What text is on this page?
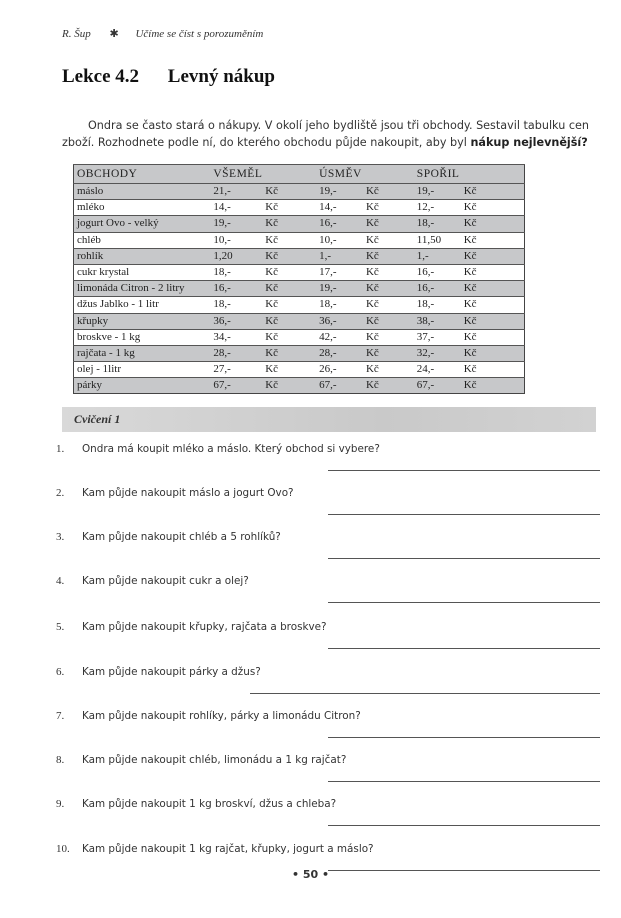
R. Šup ✱ Učíme se číst s porozuměním
Lekce 4.2 Levný nákup
Ondra se často stará o nákupy. V okolí jeho bydliště jsou tři obchody. Sestavil tabulku cen zboží. Rozhodnete podle ní, do kterého obchodu půjde nakoupit, aby byl nákup nejlevnější?
OBCHODY	VŠEMĚL		ÚSMĚV		SPOŘIL	
máslo	21,-	Kč	19,-	Kč	19,-	Kč
mléko	14,-	Kč	14,-	Kč	12,-	Kč
jogurt Ovo - velký	19,-	Kč	16,-	Kč	18,-	Kč
chléb	10,-	Kč	10,-	Kč	11,50	Kč
rohlík	1,20	Kč	1,-	Kč	1,-	Kč
cukr krystal	18,-	Kč	17,-	Kč	16,-	Kč
limonáda Citron - 2 litry	16,-	Kč	19,-	Kč	16,-	Kč
džus Jablko - 1 litr	18,-	Kč	18,-	Kč	18,-	Kč
křupky	36,-	Kč	36,-	Kč	38,-	Kč
broskve - 1 kg	34,-	Kč	42,-	Kč	37,-	Kč
rajčata - 1 kg	28,-	Kč	28,-	Kč	32,-	Kč
olej - 1litr	27,-	Kč	26,-	Kč	24,-	Kč
párky	67,-	Kč	67,-	Kč	67,-	Kč
Cvičení 1
1. Ondra má koupit mléko a máslo. Který obchod si vybere?
2. Kam půjde nakoupit máslo a jogurt Ovo?
3. Kam půjde nakoupit chléb a 5 rohlíků?
4. Kam půjde nakoupit cukr a olej?
5. Kam půjde nakoupit křupky, rajčata a broskve?
6. Kam půjde nakoupit párky a džus?
7. Kam půjde nakoupit rohlíky, párky a limonádu Citron?
8. Kam půjde nakoupit chléb, limonádu a 1 kg rajčat?
9. Kam půjde nakoupit 1 kg broskví, džus a chleba?
10. Kam půjde nakoupit 1 kg rajčat, křupky, jogurt a máslo?
• 50 •
